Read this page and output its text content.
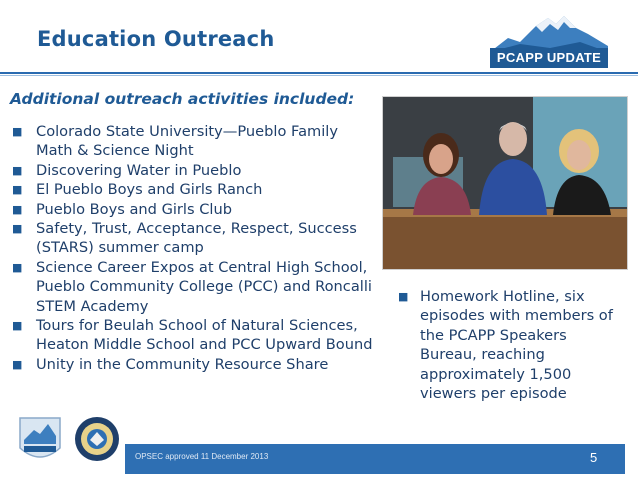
Education Outreach
PCAPP UPDATE
Additional outreach activities included:
■ Colorado State University—Pueblo Family Math & Science Night
■ Discovering Water in Pueblo
■ El Pueblo Boys and Girls Ranch
■ Pueblo Boys and Girls Club
■ Safety, Trust, Acceptance, Respect, Success (STARS) summer camp
■ Science Career Expos at Central High School, Pueblo Community College (PCC) and Roncalli STEM Academy
■ Tours for Beulah School of Natural Sciences, Heaton Middle School and PCC Upward Bound
■ Unity in the Community Resource Share
■ Homework Hotline, six episodes with members of the PCAPP Speakers Bureau, reaching approximately 1,500 viewers per episode
OPSEC approved 11 December 2013	5
